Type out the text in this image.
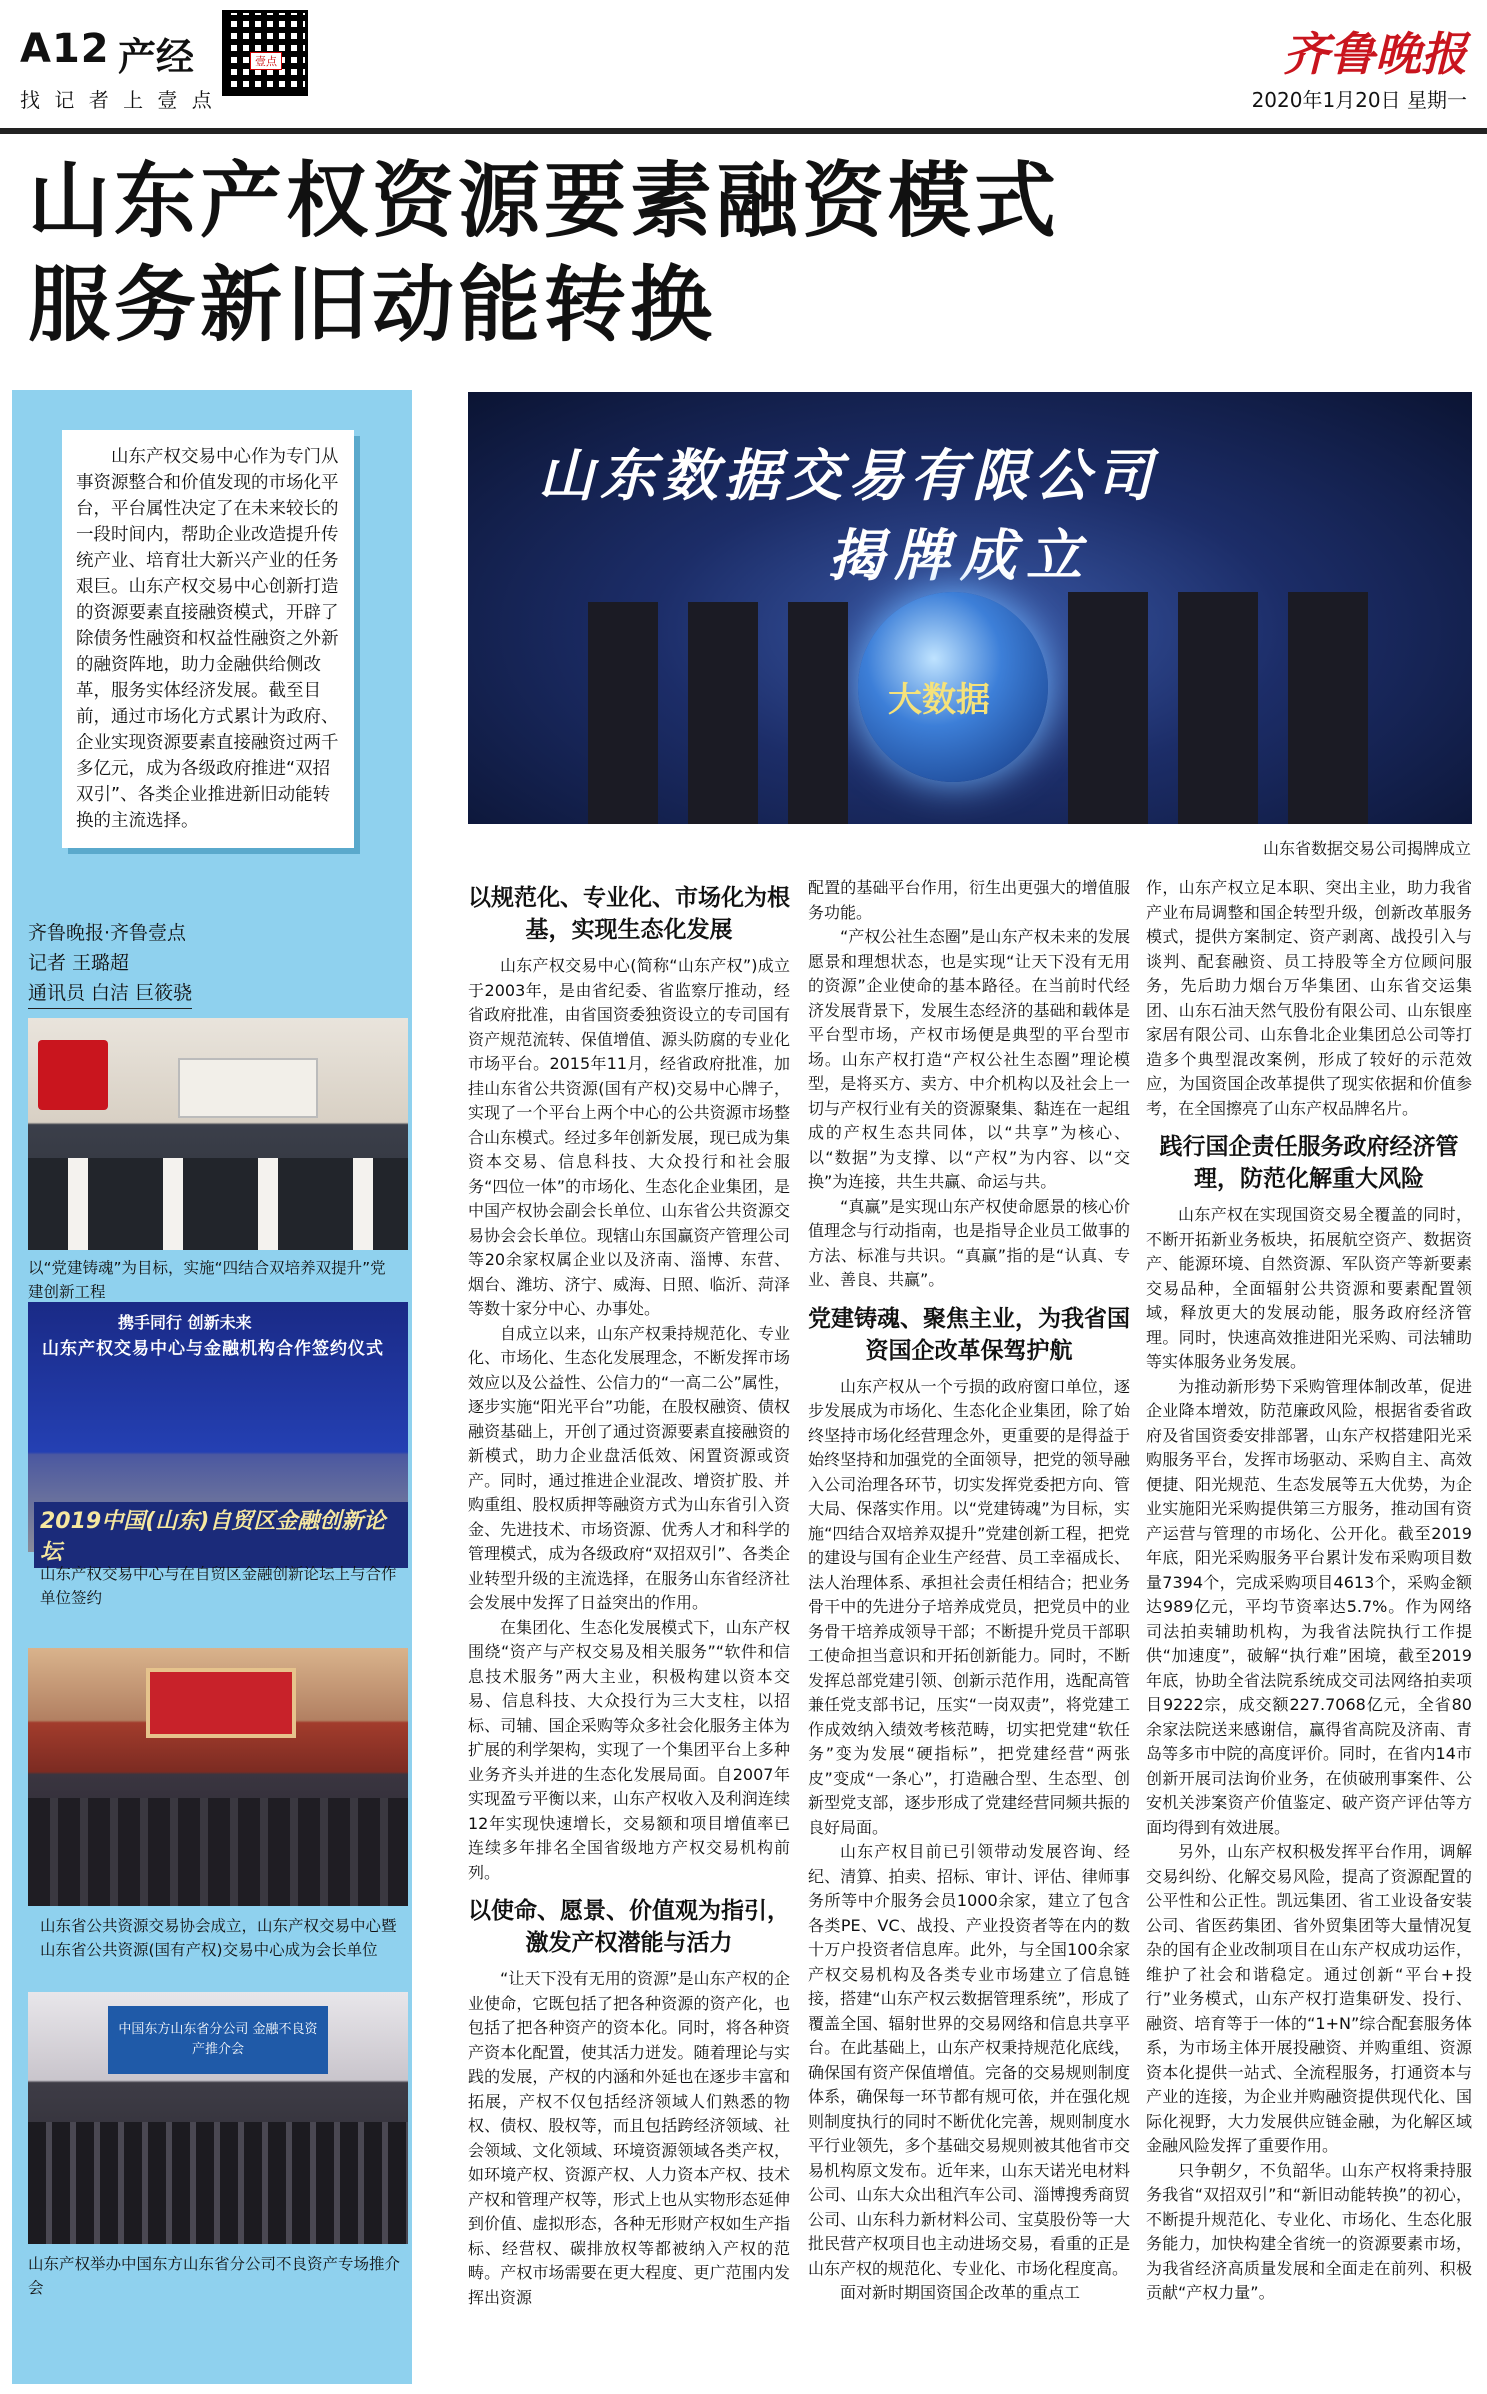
A12 产经
找 记 者 上 壹 点
壹点	齐鲁晚报
2020年1月20日 星期一
山东产权资源要素融资模式
服务新旧动能转换
山东产权交易中心作为专门从事资源整合和价值发现的市场化平台，平台属性决定了在未来较长的一段时间内，帮助企业改造提升传统产业、培育壮大新兴产业的任务艰巨。山东产权交易中心创新打造的资源要素直接融资模式，开辟了除债务性融资和权益性融资之外新的融资阵地，助力金融供给侧改革，服务实体经济发展。截至目前，通过市场化方式累计为政府、企业实现资源要素直接融资过两千多亿元，成为各级政府推进“双招双引”、各类企业推进新旧动能转换的主流选择。
齐鲁晚报·齐鲁壹点
记者 王璐超
通讯员 白洁 巨筱骁
以“党建铸魂”为目标，实施“四结合双培养双提升”党建创新工程
携手同行 创新未来
山东产权交易中心与金融机构合作签约仪式
2019中国(山东)自贸区金融创新论坛
山东产权交易中心与在自贸区金融创新论坛上与合作单位签约
山东省公共资源交易协会成立，山东产权交易中心暨山东省公共资源(国有产权)交易中心成为会长单位
中国东方山东省分公司 金融不良资产推介会
山东产权举办中国东方山东省分公司不良资产专场推介会
山东数据交易有限公司
揭牌成立
大数据
山东省数据交易公司揭牌成立
以规范化、专业化、市场化为根基，实现生态化发展

山东产权交易中心(简称“山东产权”)成立于2003年，是由省纪委、省监察厅推动，经省政府批准，由省国资委独资设立的专司国有资产规范流转、保值增值、源头防腐的专业化市场平台。2015年11月，经省政府批准，加挂山东省公共资源(国有产权)交易中心牌子，实现了一个平台上两个中心的公共资源市场整合山东模式。经过多年创新发展，现已成为集资本交易、信息科技、大众投行和社会服务“四位一体”的市场化、生态化企业集团，是中国产权协会副会长单位、山东省公共资源交易协会会长单位。现辖山东国赢资产管理公司等20余家权属企业以及济南、淄博、东营、烟台、潍坊、济宁、威海、日照、临沂、菏泽等数十家分中心、办事处。

自成立以来，山东产权秉持规范化、专业化、市场化、生态化发展理念，不断发挥市场效应以及公益性、公信力的“一高二公”属性，逐步实施“阳光平台”功能，在股权融资、债权融资基础上，开创了通过资源要素直接融资的新模式，助力企业盘活低效、闲置资源或资产。同时，通过推进企业混改、增资扩股、并购重组、股权质押等融资方式为山东省引入资金、先进技术、市场资源、优秀人才和科学的管理模式，成为各级政府“双招双引”、各类企业转型升级的主流选择，在服务山东省经济社会发展中发挥了日益突出的作用。

在集团化、生态化发展模式下，山东产权围绕“资产与产权交易及相关服务”“软件和信息技术服务”两大主业，积极构建以资本交易、信息科技、大众投行为三大支柱，以招标、司辅、国企采购等众多社会化服务主体为扩展的利学架构，实现了一个集团平台上多种业务齐头并进的生态化发展局面。自2007年实现盈亏平衡以来，山东产权收入及利润连续12年实现快速增长，交易额和项目增值率已连续多年排名全国省级地方产权交易机构前列。

以使命、愿景、价值观为指引，激发产权潜能与活力

“让天下没有无用的资源”是山东产权的企业使命，它既包括了把各种资源的资产化，也包括了把各种资产的资本化。同时，将各种资产资本化配置，使其活力迸发。随着理论与实践的发展，产权的内涵和外延也在逐步丰富和拓展，产权不仅包括经济领域人们熟悉的物权、债权、股权等，而且包括跨经济领域、社会领域、文化领域、环境资源领域各类产权，如环境产权、资源产权、人力资本产权、技术产权和管理产权等，形式上也从实物形态延伸到价值、虚拟形态，各种无形财产权如生产指标、经营权、碳排放权等都被纳入产权的范畴。产权市场需要在更大程度、更广范围内发挥出资源

配置的基础平台作用，衍生出更强大的增值服务功能。

“产权公社生态圈”是山东产权未来的发展愿景和理想状态，也是实现“让天下没有无用的资源”企业使命的基本路径。在当前时代经济发展背景下，发展生态经济的基础和载体是平台型市场，产权市场便是典型的平台型市场。山东产权打造“产权公社生态圈”理论模型，是将买方、卖方、中介机构以及社会上一切与产权行业有关的资源聚集、黏连在一起组成的产权生态共同体，以“共享”为核心、以“数据”为支撑、以“产权”为内容、以“交换”为连接，共生共赢、命运与共。

“真赢”是实现山东产权使命愿景的核心价值理念与行动指南，也是指导企业员工做事的方法、标准与共识。“真赢”指的是“认真、专业、善良、共赢”。

党建铸魂、聚焦主业，为我省国资国企改革保驾护航

山东产权从一个亏损的政府窗口单位，逐步发展成为市场化、生态化企业集团，除了始终坚持市场化经营理念外，更重要的是得益于始终坚持和加强党的全面领导，把党的领导融入公司治理各环节，切实发挥党委把方向、管大局、保落实作用。以“党建铸魂”为目标，实施“四结合双培养双提升”党建创新工程，把党的建设与国有企业生产经营、员工幸福成长、法人治理体系、承担社会责任相结合；把业务骨干中的先进分子培养成党员，把党员中的业务骨干培养成领导干部；不断提升党员干部职工使命担当意识和开拓创新能力。同时，不断发挥总部党建引领、创新示范作用，选配高管兼任党支部书记，压实“一岗双责”，将党建工作成效纳入绩效考核范畴，切实把党建“软任务”变为发展“硬指标”，把党建经营“两张皮”变成“一条心”，打造融合型、生态型、创新型党支部，逐步形成了党建经营同频共振的良好局面。

山东产权目前已引领带动发展咨询、经纪、清算、拍卖、招标、审计、评估、律师事务所等中介服务会员1000余家，建立了包含各类PE、VC、战投、产业投资者等在内的数十万户投资者信息库。此外，与全国100余家产权交易机构及各类专业市场建立了信息链接，搭建“山东产权云数据管理系统”，形成了覆盖全国、辐射世界的交易网络和信息共享平台。在此基础上，山东产权秉持规范化底线，确保国有资产保值增值。完备的交易规则制度体系，确保每一环节都有规可依，并在强化规则制度执行的同时不断优化完善，规则制度水平行业领先，多个基础交易规则被其他省市交易机构原文发布。近年来，山东天诺光电材料公司、山东大众出租汽车公司、淄博搜秀商贸公司、山东科力新材料公司、宝莫股份等一大批民营产权项目也主动进场交易，看重的正是山东产权的规范化、专业化、市场化程度高。

面对新时期国资国企改革的重点工

作，山东产权立足本职、突出主业，助力我省产业布局调整和国企转型升级，创新改革服务模式，提供方案制定、资产剥离、战投引入与谈判、配套融资、员工持股等全方位顾问服务，先后助力烟台万华集团、山东省交运集团、山东石油天然气股份有限公司、山东银座家居有限公司、山东鲁北企业集团总公司等打造多个典型混改案例，形成了较好的示范效应，为国资国企改革提供了现实依据和价值参考，在全国擦亮了山东产权品牌名片。

践行国企责任服务政府经济管理，防范化解重大风险

山东产权在实现国资交易全覆盖的同时，不断开拓新业务板块，拓展航空资产、数据资产、能源环境、自然资源、军队资产等新要素交易品种，全面辐射公共资源和要素配置领域，释放更大的发展动能，服务政府经济管理。同时，快速高效推进阳光采购、司法辅助等实体服务业务发展。

为推动新形势下采购管理体制改革，促进企业降本增效，防范廉政风险，根据省委省政府及省国资委安排部署，山东产权搭建阳光采购服务平台，发挥市场驱动、采购自主、高效便捷、阳光规范、生态发展等五大优势，为企业实施阳光采购提供第三方服务，推动国有资产运营与管理的市场化、公开化。截至2019年底，阳光采购服务平台累计发布采购项目数量7394个，完成采购项目4613个，采购金额达989亿元，平均节资率达5.7%。作为网络司法拍卖辅助机构，为我省法院执行工作提供“加速度”，破解“执行难”困境，截至2019年底，协助全省法院系统成交司法网络拍卖项目9222宗，成交额227.7068亿元，全省80余家法院送来感谢信，赢得省高院及济南、青岛等多市中院的高度评价。同时，在省内14市创新开展司法询价业务，在侦破刑事案件、公安机关涉案资产价值鉴定、破产资产评估等方面均得到有效进展。

另外，山东产权积极发挥平台作用，调解交易纠纷、化解交易风险，提高了资源配置的公平性和公正性。凯远集团、省工业设备安装公司、省医药集团、省外贸集团等大量情况复杂的国有企业改制项目在山东产权成功运作，维护了社会和谐稳定。通过创新“平台+投行”业务模式，山东产权打造集研发、投行、融资、培育等于一体的“1+N”综合配套服务体系，为市场主体开展投融资、并购重组、资源资本化提供一站式、全流程服务，打通资本与产业的连接，为企业并购融资提供现代化、国际化视野，大力发展供应链金融，为化解区域金融风险发挥了重要作用。

只争朝夕，不负韶华。山东产权将秉持服务我省“双招双引”和“新旧动能转换”的初心，不断提升规范化、专业化、市场化、生态化服务能力，加快构建全省统一的资源要素市场，为我省经济高质量发展和全面走在前列、积极贡献“产权力量”。
